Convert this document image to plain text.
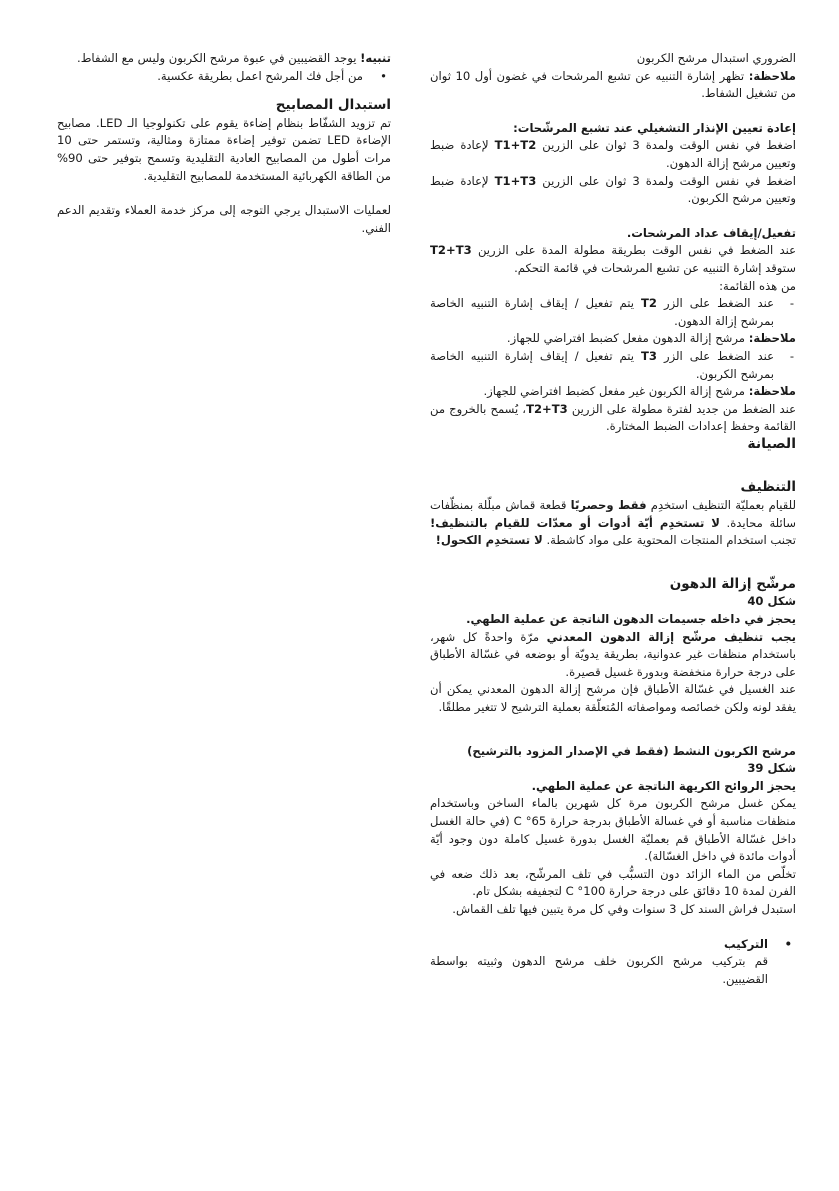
الضروري استبدال مرشح الكربون

ملاحظة: تظهر إشارة التنبيه عن تشبع المرشحات في غضون أول 10 ثوان من تشغيل الشفاط.

إعادة تعيين الإنذار التشغيلي عند تشبع المرشّحات:

اضغط في نفس الوقت ولمدة 3 ثوان على الزرين T1+T2 لإعادة ضبط وتعيين مرشح إزالة الدهون.

اضغط في نفس الوقت ولمدة 3 ثوان على الزرين T1+T3 لإعادة ضبط وتعيين مرشح الكربون.

تفعيل/إيقاف عداد المرشحات.

عند الضغط في نفس الوقت بطريقة مطولة المدة على الزرين T2+T3 ستوقد إشارة التنبيه عن تشبع المرشحات في قائمة التحكم.

من هذه القائمة:

- عند الضغط على الزر T2 يتم تفعيل / إيقاف إشارة التنبيه الخاصة بمرشح إزالة الدهون.

ملاحظة: مرشح إزالة الدهون مفعل كضبط افتراضي للجهاز.

- عند الضغط على الزر T3 يتم تفعيل / إيقاف إشارة التنبيه الخاصة بمرشح الكربون.

ملاحظة: مرشح إزالة الكربون غير مفعل كضبط افتراضي للجهاز.

عند الضغط من جديد لفترة مطولة على الزرين T2+T3، يُسمح بالخروج من القائمة وحفظ إعدادات الضبط المختارة.

الصيانة

التنظيف

للقيام بعمليّة التنظيف استخدِم فقط وحصريًا قطعة قماش مبلّلة بمنظّفات سائلة محايدة. لا تستخدِم أيّة أدوات أو معدّات للقيام بالتنظيف! تجنب استخدام المنتجات المحتوية على مواد كاشطة. لا تستخدِم الكحول!

مرشّح إزالة الدهون

شكل 40

يحجز في داخله جسيمات الدهون الناتجة عن عملية الطهي.

يجب تنظيف مرشّح إزالة الدهون المعدني مرّة واحدةً كل شهر، باستخدام منظفات غير عدوانية، بطريقة يدويّة أو بوضعه في غسّالة الأطباق على درجة حرارة منخفضة وبدورة غسيل قصيرة.

عند الغسيل في غسّالة الأطباق فإن مرشح إزالة الدهون المعدني يمكن أن يفقد لونه ولكن خصائصه ومواصفاته المُتعلّقة بعملية الترشيح لا تتغير مطلقًا.

مرشح الكربون النشط (فقط في الإصدار المزود بالترشيح)

شكل 39

يحجز الروائح الكريهة الناتجة عن عملية الطهي.

يمكن غسل مرشح الكربون مرة كل شهرين بالماء الساخن وباستخدام منظفات مناسبة أو في غسالة الأطباق بدرجة حرارة 65° C (في حالة الغسل داخل غسّالة الأطباق قم بعمليّة الغسل بدورة غسيل كاملة دون وجود أيّة أدوات مائدة في داخل الغسّالة).

تخلّص من الماء الزائد دون التسبُّب في تلف المرشّح، بعد ذلك ضعه في الفرن لمدة 10 دقائق على درجة حرارة 100° C لتجفيفه بشكل تام.

استبدل فراش السند كل 3 سنوات وفي كل مرة يتبين فيها تلف القماش.

• التركيب

قم بتركيب مرشح الكربون خلف مرشح الدهون وثبيته بواسطة القضيبين.

تنبيه! يوجد القضيبين في عبوة مرشح الكربون وليس مع الشفاط.

• من أجل فك المرشح اعمل بطريقة عكسية.

استبدال المصابيح

تم تزويد الشفّاط بنظام إضاءة يقوم على تكنولوجيا الـ LED. مصابيح الإضاءة LED تضمن توفير إضاءة ممتازة ومثالية، وتستمر حتى 10 مرات أطول من المصابيح العادية التقليدية وتسمح بتوفير حتى 90% من الطاقة الكهربائية المستخدمة للمصابيح التقليدية.

لعمليات الاستبدال يرجي التوجه إلى مركز خدمة العملاء وتقديم الدعم الفني.
